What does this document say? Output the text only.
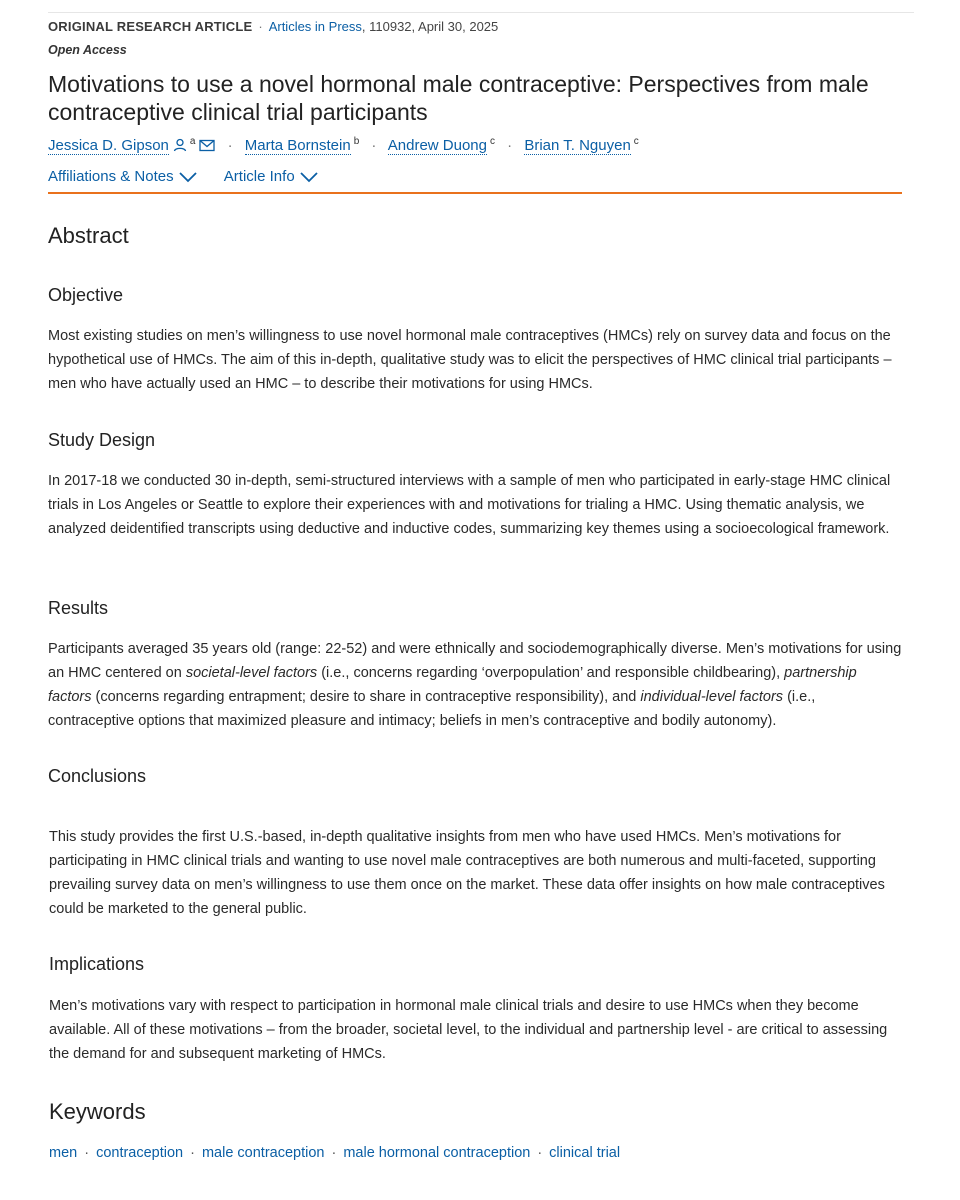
ORIGINAL RESEARCH ARTICLE · Articles in Press, 110932, April 30, 2025
Open Access
Motivations to use a novel hormonal male contraceptive: Perspectives from male contraceptive clinical trial participants
Jessica D. Gipson $^a$ · Marta Bornstein $^b$ · Andrew Duong $^c$ · Brian T. Nguyen $^c$
Affiliations & Notes	Article Info
Abstract
Objective

Most existing studies on men’s willingness to use novel hormonal male contraceptives (HMCs) rely on survey data and focus on the hypothetical use of HMCs. The aim of this in-depth, qualitative study was to elicit the perspectives of HMC clinical trial participants – men who have actually used an HMC – to describe their motivations for using HMCs.

Study Design

In 2017-18 we conducted 30 in-depth, semi-structured interviews with a sample of men who participated in early-stage HMC clinical trials in Los Angeles or Seattle to explore their experiences with and motivations for trialing a HMC. Using thematic analysis, we analyzed deidentified transcripts using deductive and inductive codes, summarizing key themes using a socioecological framework.

Results

Participants averaged 35 years old (range: 22-52) and were ethnically and sociodemographically diverse. Men’s motivations for using an HMC centered on societal-level factors (i.e., concerns regarding ‘overpopulation’ and responsible childbearing), partnership factors (concerns regarding entrapment; desire to share in contraceptive responsibility), and individual-level factors (i.e., contraceptive options that maximized pleasure and intimacy; beliefs in men’s contraceptive and bodily autonomy).

Conclusions

This study provides the first U.S.-based, in-depth qualitative insights from men who have used HMCs. Men’s motivations for participating in HMC clinical trials and wanting to use novel male contraceptives are both numerous and multi-faceted, supporting prevailing survey data on men’s willingness to use them once on the market. These data offer insights on how male contraceptives could be marketed to the general public.

Implications

Men’s motivations vary with respect to participation in hormonal male clinical trials and desire to use HMCs when they become available. All of these motivations – from the broader, societal level, to the individual and partnership level - are critical to assessing the demand for and subsequent marketing of HMCs.

Keywords
men · contraception · male contraception · male hormonal contraception · clinical trial
